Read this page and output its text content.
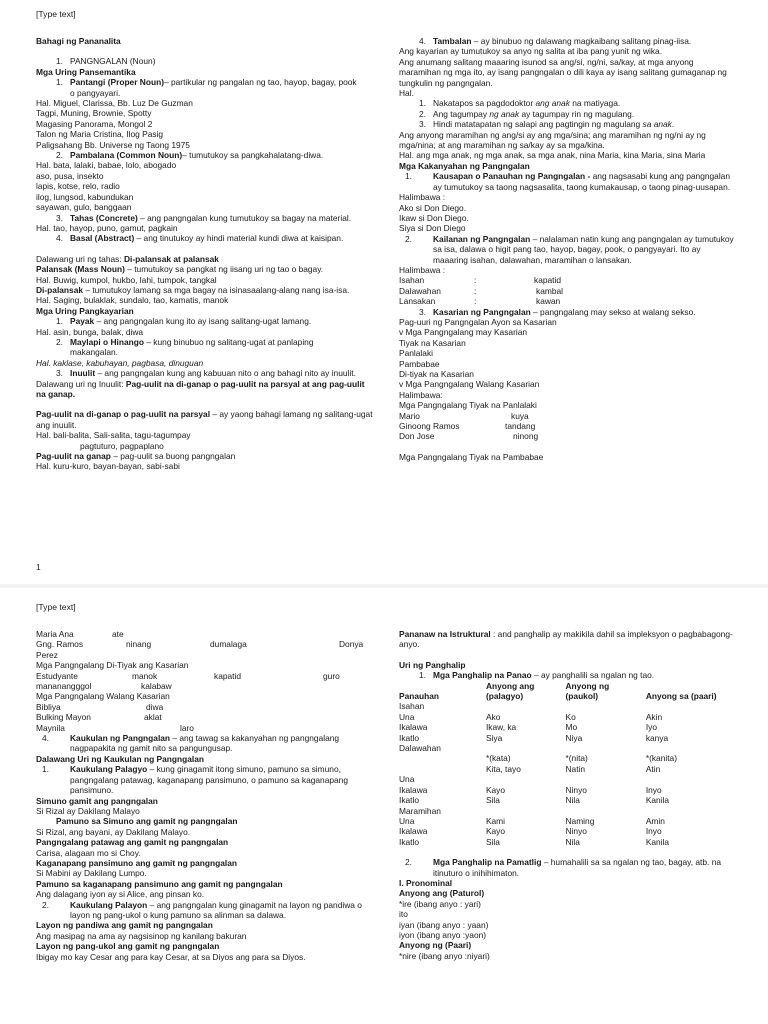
[Type text]

Bahagi ng Pananalita

1. PANGNGALAN (Noun)

Mga Uring Pansemantika

1. Pantangi (Proper Noun)– partikular ng pangalan ng tao, hayop, bagay, pook

o pangyayari.

Hal. Miguel, Clarissa, Bb. Luz De Guzman

Tagpi, Muning, Brownie, Spotty

Magasing Panorama, Mongol 2

Talon ng Maria Cristina, Ilog Pasig

Paligsahang Bb. Universe ng Taong 1975

2. Pambalana (Common Noun)– tumutukoy sa pangkahalatang-diwa.

Hal. bata, lalaki, babae, lolo, abogado

aso, pusa, insekto

lapis, kotse, relo, radio

ilog, lungsod, kabundukan

sayawan, gulo, banggaan

3. Tahas (Concrete) – ang pangngalan kung tumutukoy sa bagay na material.

Hal. tao, hayop, puno, gamut, pagkain

4. Basal (Abstract) – ang tinutukoy ay hindi material kundi diwa at kaisipan.

Dalawang uri ng tahas: Di-palansak at palansak

Palansak (Mass Noun) – tumutukoy sa pangkat ng iisang uri ng tao o bagay.

Hal. Buwig, kumpol, hukbo, lahi, tumpok, tangkal

Di-palansak – tumutukoy lamang sa mga bagay na isinasaalang-alang nang isa-isa.

Hal. Saging, bulaklak, sundalo, tao, kamatis, manok

Mga Uring Pangkayarian

1. Payak – ang pangngalan kung ito ay isang salitang-ugat lamang.

Hal. asin, bunga, balak, diwa

2. Maylapi o Hinango – kung binubuo ng salitang-ugat at panlaping

makangalan.

Hal. kaklase, kabuhayan, pagbasa, dinuguan

3. Inuulit – ang pangngalan kung ang kabuuan nito o ang bahagi nito ay inuulit.

Dalawang uri ng Inuulit: Pag-uulit na di-ganap o pag-uulit na parsyal at ang pag-uulit na ganap.

Pag-uulit na di-ganap o pag-uulit na parsyal – ay yaong bahagi lamang ng salitang-ugat ang inuulit.

Hal. bali-balita, Sali-salita, tagu-tagumpay

pagtuturo, pagpaplano

Pag-uulit na ganap – pag-uulit sa buong pangngalan

Hal. kuru-kuro, bayan-bayan, sabi-sabi

1

4. Tambalan – ay binubuo ng dalawang magkaibang salitang pinag-iisa.

Ang kayarian ay tumutukoy sa anyo ng salita at iba pang yunit ng wika.

Ang anumang salitang maaaring isunod sa ang/si, ng/ni, sa/kay, at mga anyong maramihan ng mga ito, ay isang pangngalan o dili kaya ay isang salitang gumaganap ng tungkulin ng pangngalan.

Hal.

1. Nakatapos sa pagdodoktor ang anak na matiyaga.

2. Ang tagumpay ng anak ay tagumpay rin ng magulang.

3. Hindi matatapatan ng salapi ang pagtingin ng magulang sa anak.

Ang anyong maramihan ng ang/si ay ang mga/sina; ang maramihan ng ng/ni ay ng mga/nina; at ang maramihan ng sa/kay ay sa mga/kina.

Hal. ang mga anak, ng mga anak, sa mga anak, nina Maria, kina Maria, sina Maria

Mga Kakanyahan ng Pangngalan

1.	Kausapan o Panauhan ng Pangngalan - ang nagsasabi kung ang pangngalan ay tumutukoy sa taong nagsasalita, taong kumakausap, o taong pinag-uusapan.

Halimbawa :

Ako si Don Diego.

Ikaw si Don Diego.

Siya si Don Diego

2.	Kailanan ng Pangngalan – nalalaman natin kung ang pangngalan ay tumutukoy sa isa, dalawa o higit pang tao, hayop, bagay, pook, o pangyayari. Ito ay maaaring isahan, dalawahan, maramihan o lansakan.

Halimbawa :

Isahan	:	kapatid
Dalawahan	:	kambal
Lansakan	:	kawan

3. Kasarian ng Pangngalan – pangngalang may sekso at walang sekso.

Pag-uuri ng Pangngalan Ayon sa Kasarian

v Mga Pangngalang may Kasarian

Tiyak na Kasarian

Panlalaki

Pambabae

Di-tiyak na Kasarian

v Mga Pangngalang Walang Kasarian

Halimbawa:

Mga Pangngalang Tiyak na Panlalaki

Mario	kuya
Ginoong Ramos	tandang
Don Jose	ninong

Mga Pangngalang Tiyak na Pambabae

[Type text]
Maria Ana	ate
Gng. Ramos	ninang	dumalaga	Donya

Perez

Mga Pangngalang Di-Tiyak ang Kasarian

Estudyante	manok	kapatid	guro
mananangggol	kalabaw

Mga Pangngalang Walang Kasarian

Bibliya	diwa
Bulking Mayon	aklat
Maynila	laro

4.	Kaukulan ng Pangngalan – ang tawag sa kakanyahan ng pangngalang nagpapakita ng gamit nito sa pangungusap.

Dalawang Uri ng Kaukulan ng Pangngalan

1.	Kaukulang Palagyo – kung ginagamit itong simuno, pamuno sa simuno, pangngalang patawag, kaganapang pansimuno, o pamuno sa kaganapang pansimuno.

Simuno gamit ang pangngalan

Si Rizal ay Dakilang Malayo

Pamuno sa Simuno ang gamit ng pangngalan

Si Rizal, ang bayani, ay Dakilang Malayo.

Pangngalang patawag ang gamit ng pangngalan

Carisa, alagaan mo si Choy.

Kaganapang pansimuno ang gamit ng pangngalan

Si Mabini ay Dakilang Lumpo.

Pamuno sa kaganapang pansimuno ang gamit ng pangngalan

Ang dalagang iyon ay si Alice, ang pinsan ko.

2.	Kaukulang Palayon – ang pangngalan kung ginagamit na layon ng pandiwa o layon ng pang-ukol o kung pamuno sa alinman sa dalawa.

Layon ng pandiwa ang gamit ng pangngalan

Ang masipag na ama ay nagsisinop ng kanilang bakuran

Layon ng pang-ukol ang gamit ng pangngalan

Ibigay mo kay Cesar ang para kay Cesar, at sa Diyos ang para sa Diyos.

Pananaw na Istruktural : and panghalip ay makikila dahil sa impleksyon o pagbabagong- anyo.

Uri ng Panghalip

1. Mga Panghalip na Panao – ay panghalili sa ngalan ng tao.

	Anyong ang	Anyong ng	
Panauhan	(palagyo)	(paukol)	Anyong sa (paari)
Isahan			
Una	Ako	Ko	Akin
Ikalawa	Ikaw, ka	Mo	Iyo
Ikatlo	Siya	Niya	kanya
Dalawahan			
	*(kata)	*(nita)	*(kanita)
	Kita, tayo	Natin	Atin
Una			
Ikalawa	Kayo	Ninyo	Inyo
Ikatlo	Sila	Nila	Kanila
Maramihan			
Una	Kami	Naming	Amin
Ikalawa	Kayo	Ninyo	Inyo
Ikatlo	Sila	Nila	Kanila

2.	Mga Panghalip na Pamatlig – humahalili sa sa ngalan ng tao, bagay, atb. na itinuturo o inihihimaton.

I. Pronominal

Anyong ang (Paturol)

*ire (ibang anyo : yari)

ito

iyan (ibang anyo : yaan)

iyon (ibang anyo :yaon)

Anyong ng (Paari)

*nire (ibang anyo :niyari)
